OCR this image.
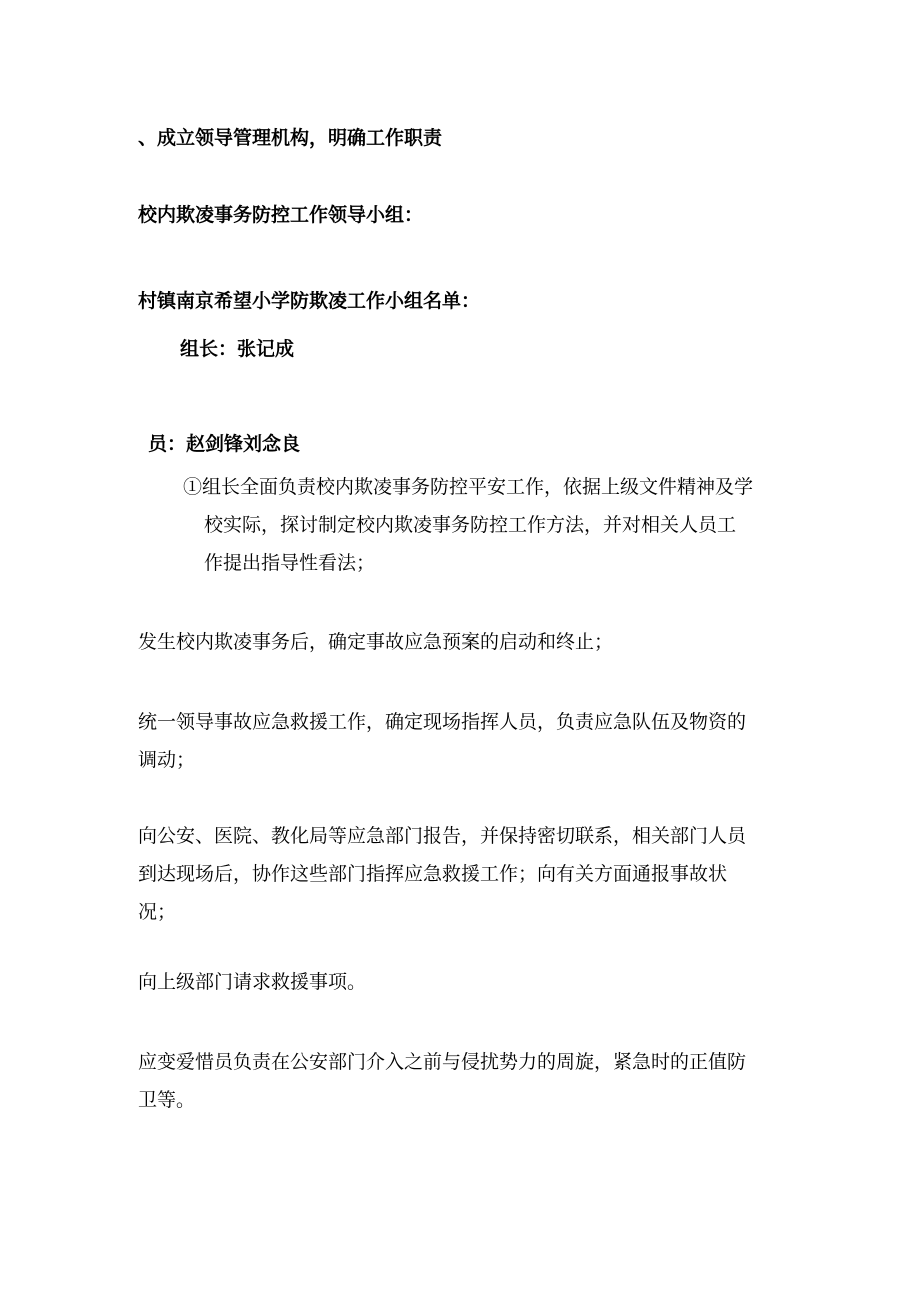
、成立领导管理机构，明确工作职责

校内欺凌事务防控工作领导小组：

村镇南京希望小学防欺凌工作小组名单：

组长：张记成

员：赵剑锋刘念良

①组长全面负责校内欺凌事务防控平安工作，依据上级文件精神及学
校实际，探讨制定校内欺凌事务防控工作方法，并对相关人员工
作提出指导性看法；

发生校内欺凌事务后，确定事故应急预案的启动和终止；

统一领导事故应急救援工作，确定现场指挥人员，负责应急队伍及物资的
调动；
向公安、医院、教化局等应急部门报告，并保持密切联系，相关部门人员
到达现场后，协作这些部门指挥应急救援工作；向有关方面通报事故状
况；

向上级部门请求救援事项。

应变爱惜员负责在公安部门介入之前与侵扰势力的周旋，紧急时的正值防
卫等。
